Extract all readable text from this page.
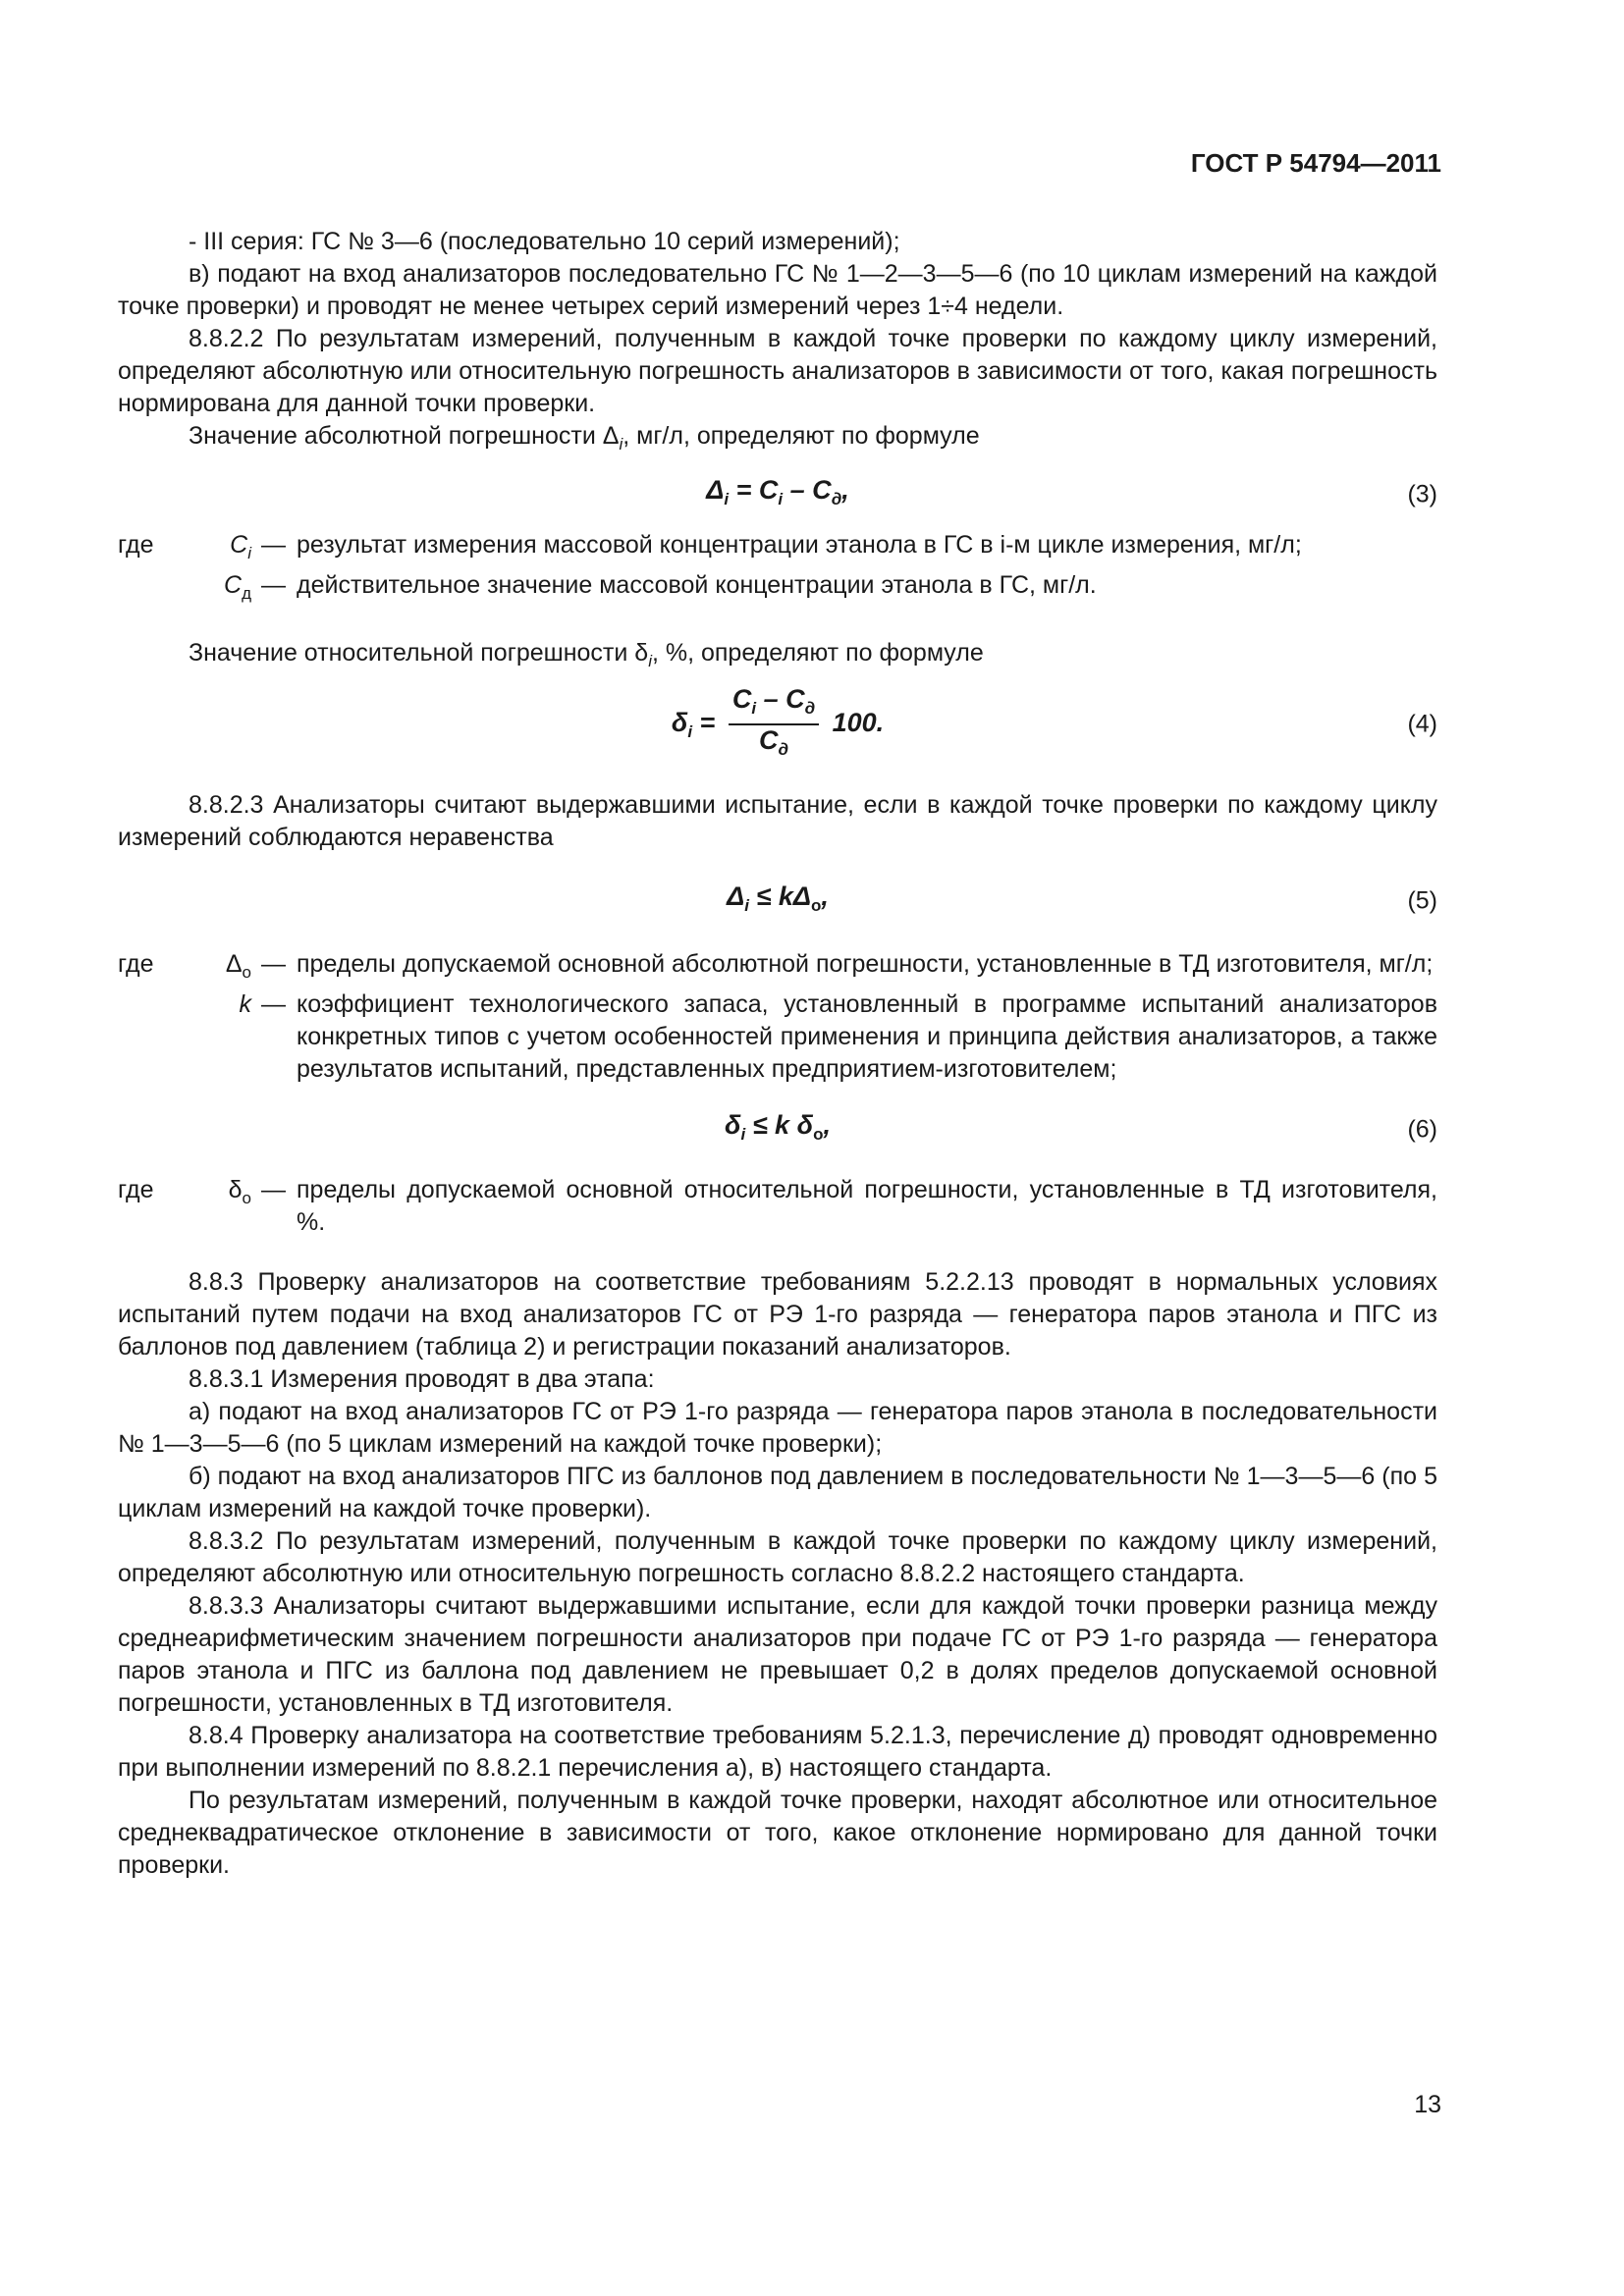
ГОСТ Р 54794—2011

- III серия: ГС № 3—6 (последовательно 10 серий измерений);

в) подают на вход анализаторов последовательно ГС № 1—2—3—5—6 (по 10 циклам измерений на каждой точке проверки) и проводят не менее четырех серий измерений через 1÷4 недели.

8.8.2.2 По результатам измерений, полученным в каждой точке проверки по каждому циклу измерений, определяют абсолютную или относительную погрешность анализаторов в зависимости от того, какая погрешность нормирована для данной точки проверки.

Значение абсолютной погрешности $\Delta_i$, мг/л, определяют по формуле

$\Delta_i = C_i - C_д$,	(3)
где	$C_i$ — результат измерения массовой концентрации этанола в ГС в i-м цикле измерения, мг/л;
$C_д$ — действительное значение массовой концентрации этанола в ГС, мг/л.

Значение относительной погрешности $\delta_i$, %, определяют по формуле

$\delta_i = \frac{C_i - C_д}{C_д} 100$.	(4)

8.8.2.3 Анализаторы считают выдержавшими испытание, если в каждой точке проверки по каждому циклу измерений соблюдаются неравенства

$\Delta_i \le k\Delta_о$,	(5)
где	$\Delta_о$ — пределы допускаемой основной абсолютной погрешности, установленные в ТД изготовителя, мг/л;
k — коэффициент технологического запаса, установленный в программе испытаний анализаторов конкретных типов с учетом особенностей применения и принципа действия анализаторов, а также результатов испытаний, представленных предприятием-изготовителем;
$\delta_i \le k$ $\delta_о$,	(6)
где	$\delta_о$ — пределы допускаемой основной относительной погрешности, установленные в ТД изготовителя, %.

8.8.3 Проверку анализаторов на соответствие требованиям 5.2.2.13 проводят в нормальных условиях испытаний путем подачи на вход анализаторов ГС от РЭ 1-го разряда — генератора паров этанола и ПГС из баллонов под давлением (таблица 2) и регистрации показаний анализаторов.

8.8.3.1 Измерения проводят в два этапа:

а) подают на вход анализаторов ГС от РЭ 1-го разряда — генератора паров этанола в последовательности № 1—3—5—6 (по 5 циклам измерений на каждой точке проверки);

б) подают на вход анализаторов ПГС из баллонов под давлением в последовательности № 1—3—5—6 (по 5 циклам измерений на каждой точке проверки).

8.8.3.2 По результатам измерений, полученным в каждой точке проверки по каждому циклу измерений, определяют абсолютную или относительную погрешность согласно 8.8.2.2 настоящего стандарта.

8.8.3.3 Анализаторы считают выдержавшими испытание, если для каждой точки проверки разница между среднеарифметическим значением погрешности анализаторов при подаче ГС от РЭ 1-го разряда — генератора паров этанола и ПГС из баллона под давлением не превышает 0,2 в долях пределов допускаемой основной погрешности, установленных в ТД изготовителя.

8.8.4 Проверку анализатора на соответствие требованиям 5.2.1.3, перечисление д) проводят одновременно при выполнении измерений по 8.8.2.1 перечисления а), в) настоящего стандарта.

По результатам измерений, полученным в каждой точке проверки, находят абсолютное или относительное среднеквадратическое отклонение в зависимости от того, какое отклонение нормировано для данной точки проверки.

13
